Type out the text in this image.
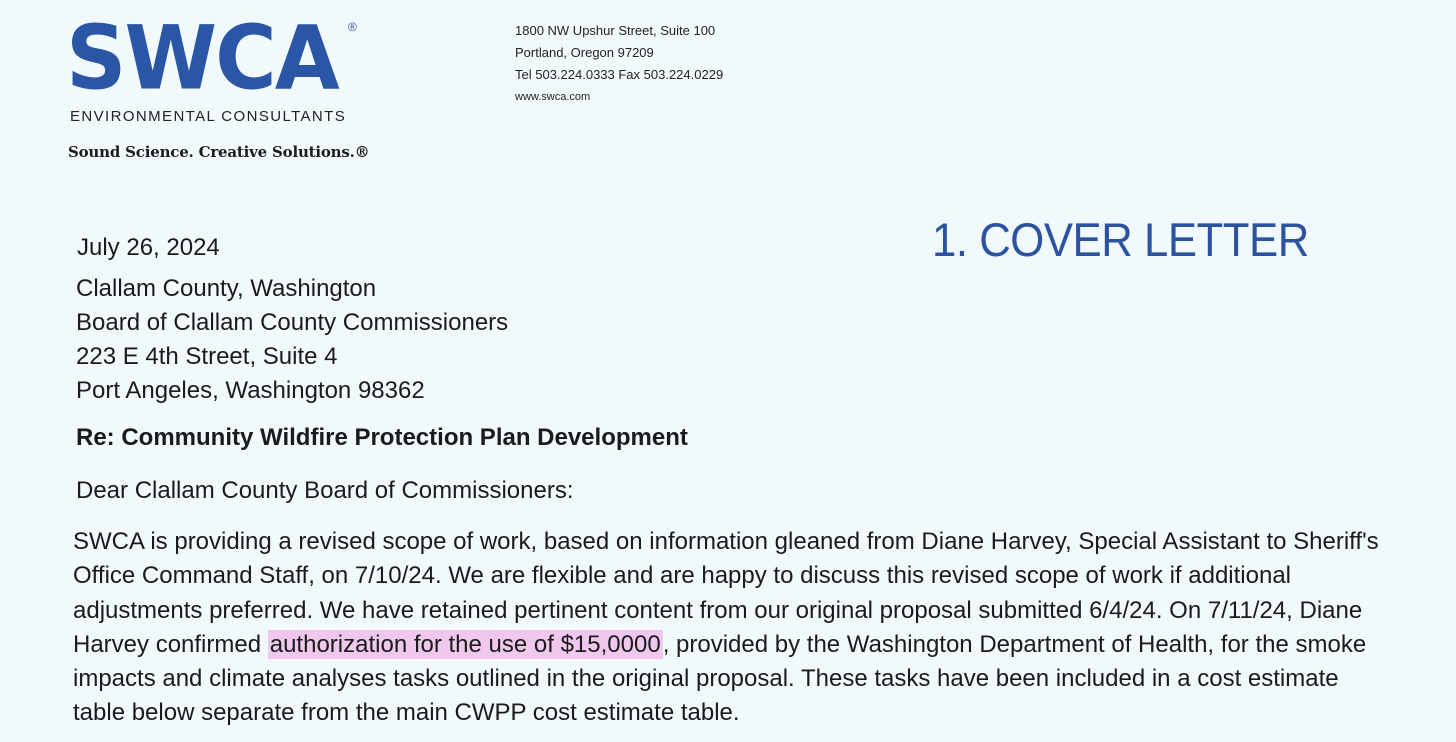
SWCA ®
ENVIRONMENTAL CONSULTANTS
Sound Science. Creative Solutions.®
1800 NW Upshur Street, Suite 100
Portland, Oregon 97209
Tel 503.224.0333 Fax 503.224.0229
www.swca.com
1. COVER LETTER
July 26, 2024
Clallam County, Washington
Board of Clallam County Commissioners
223 E 4th Street, Suite 4
Port Angeles, Washington 98362
Re: Community Wildfire Protection Plan Development
Dear Clallam County Board of Commissioners:

SWCA is providing a revised scope of work, based on information gleaned from Diane Harvey, Special Assistant to Sheriff's Office Command Staff, on 7/10/24. We are flexible and are happy to discuss this revised scope of work if additional adjustments preferred. We have retained pertinent content from our original proposal submitted 6/4/24. On 7/11/24, Diane Harvey confirmed authorization for the use of $15,0000, provided by the Washington Department of Health, for the smoke impacts and climate analyses tasks outlined in the original proposal. These tasks have been included in a cost estimate table below separate from the main CWPP cost estimate table.
